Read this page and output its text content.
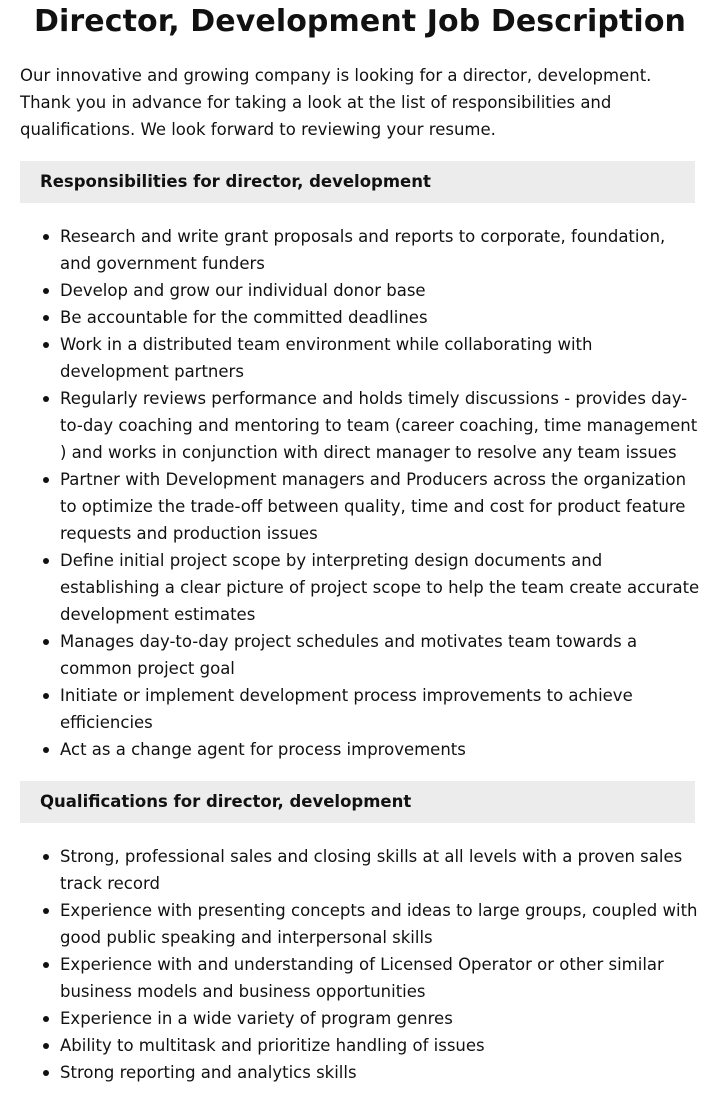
Director, Development Job Description

Our innovative and growing company is looking for a director, development. Thank you in advance for taking a look at the list of responsibilities and qualifications. We look forward to reviewing your resume.

Responsibilities for director, development
Research and write grant proposals and reports to corporate, foundation, and government funders
Develop and grow our individual donor base
Be accountable for the committed deadlines
Work in a distributed team environment while collaborating with development partners
Regularly reviews performance and holds timely discussions - provides day-to-day coaching and mentoring to team (career coaching, time management ) and works in conjunction with direct manager to resolve any team issues
Partner with Development managers and Producers across the organization to optimize the trade-off between quality, time and cost for product feature requests and production issues
Define initial project scope by interpreting design documents and establishing a clear picture of project scope to help the team create accurate development estimates
Manages day-to-day project schedules and motivates team towards a common project goal
Initiate or implement development process improvements to achieve efficiencies
Act as a change agent for process improvements
Qualifications for director, development
Strong, professional sales and closing skills at all levels with a proven sales track record
Experience with presenting concepts and ideas to large groups, coupled with good public speaking and interpersonal skills
Experience with and understanding of Licensed Operator or other similar business models and business opportunities
Experience in a wide variety of program genres
Ability to multitask and prioritize handling of issues
Strong reporting and analytics skills
